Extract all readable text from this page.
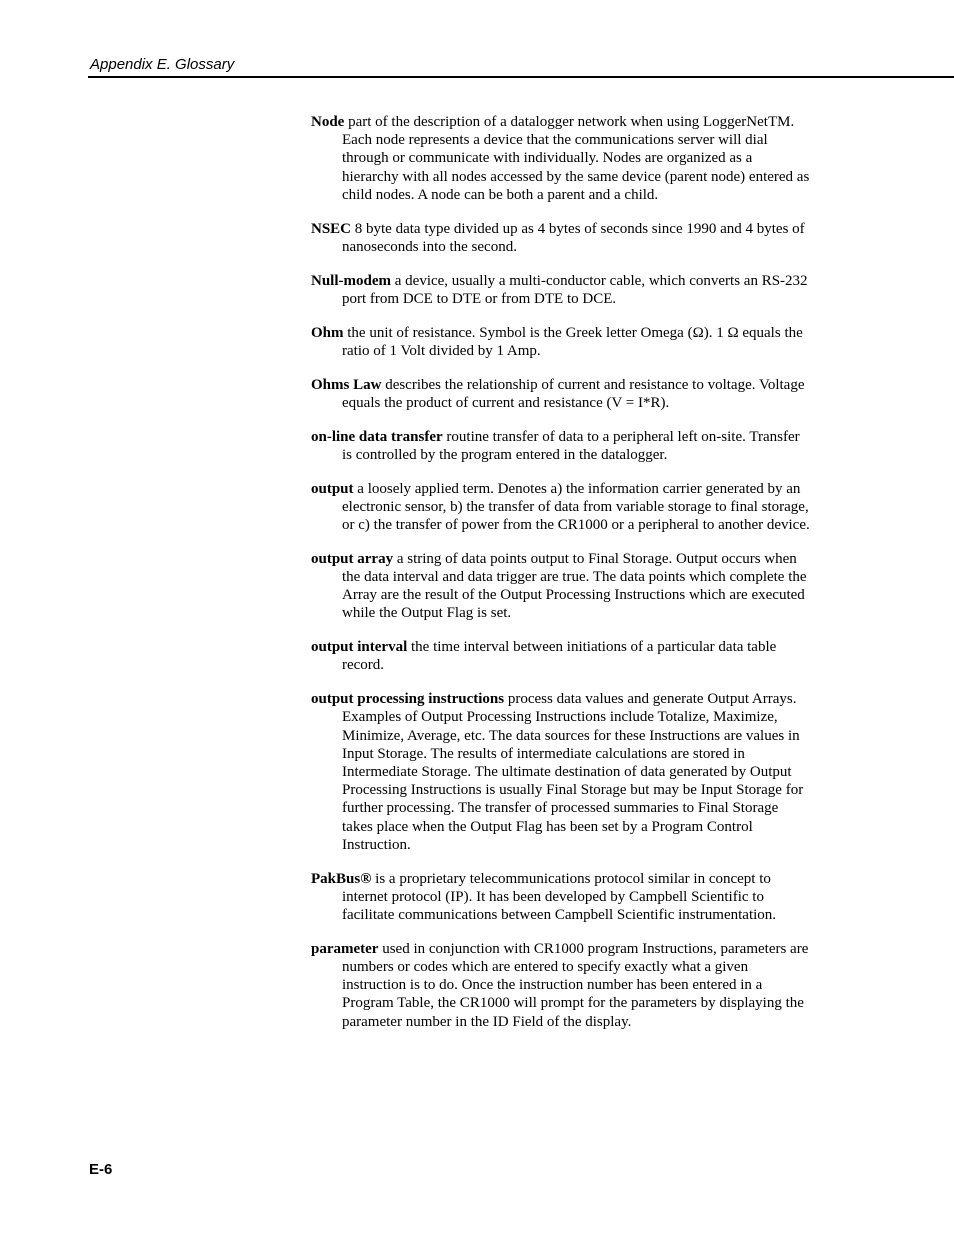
Appendix E. Glossary

Node part of the description of a datalogger network when using LoggerNetTM. Each node represents a device that the communications server will dial through or communicate with individually. Nodes are organized as a hierarchy with all nodes accessed by the same device (parent node) entered as child nodes. A node can be both a parent and a child.

NSEC 8 byte data type divided up as 4 bytes of seconds since 1990 and 4 bytes of nanoseconds into the second.

Null-modem a device, usually a multi-conductor cable, which converts an RS-232 port from DCE to DTE or from DTE to DCE.

Ohm the unit of resistance. Symbol is the Greek letter Omega (Ω). 1 Ω equals the ratio of 1 Volt divided by 1 Amp.

Ohms Law describes the relationship of current and resistance to voltage. Voltage equals the product of current and resistance (V = I*R).

on-line data transfer routine transfer of data to a peripheral left on-site. Transfer is controlled by the program entered in the datalogger.

output a loosely applied term. Denotes a) the information carrier generated by an electronic sensor, b) the transfer of data from variable storage to final storage, or c) the transfer of power from the CR1000 or a peripheral to another device.

output array a string of data points output to Final Storage. Output occurs when the data interval and data trigger are true. The data points which complete the Array are the result of the Output Processing Instructions which are executed while the Output Flag is set.

output interval the time interval between initiations of a particular data table record.

output processing instructions process data values and generate Output Arrays. Examples of Output Processing Instructions include Totalize, Maximize, Minimize, Average, etc. The data sources for these Instructions are values in Input Storage. The results of intermediate calculations are stored in Intermediate Storage. The ultimate destination of data generated by Output Processing Instructions is usually Final Storage but may be Input Storage for further processing. The transfer of processed summaries to Final Storage takes place when the Output Flag has been set by a Program Control Instruction.

PakBus® is a proprietary telecommunications protocol similar in concept to internet protocol (IP). It has been developed by Campbell Scientific to facilitate communications between Campbell Scientific instrumentation.

parameter used in conjunction with CR1000 program Instructions, parameters are numbers or codes which are entered to specify exactly what a given instruction is to do. Once the instruction number has been entered in a Program Table, the CR1000 will prompt for the parameters by displaying the parameter number in the ID Field of the display.

E-6
